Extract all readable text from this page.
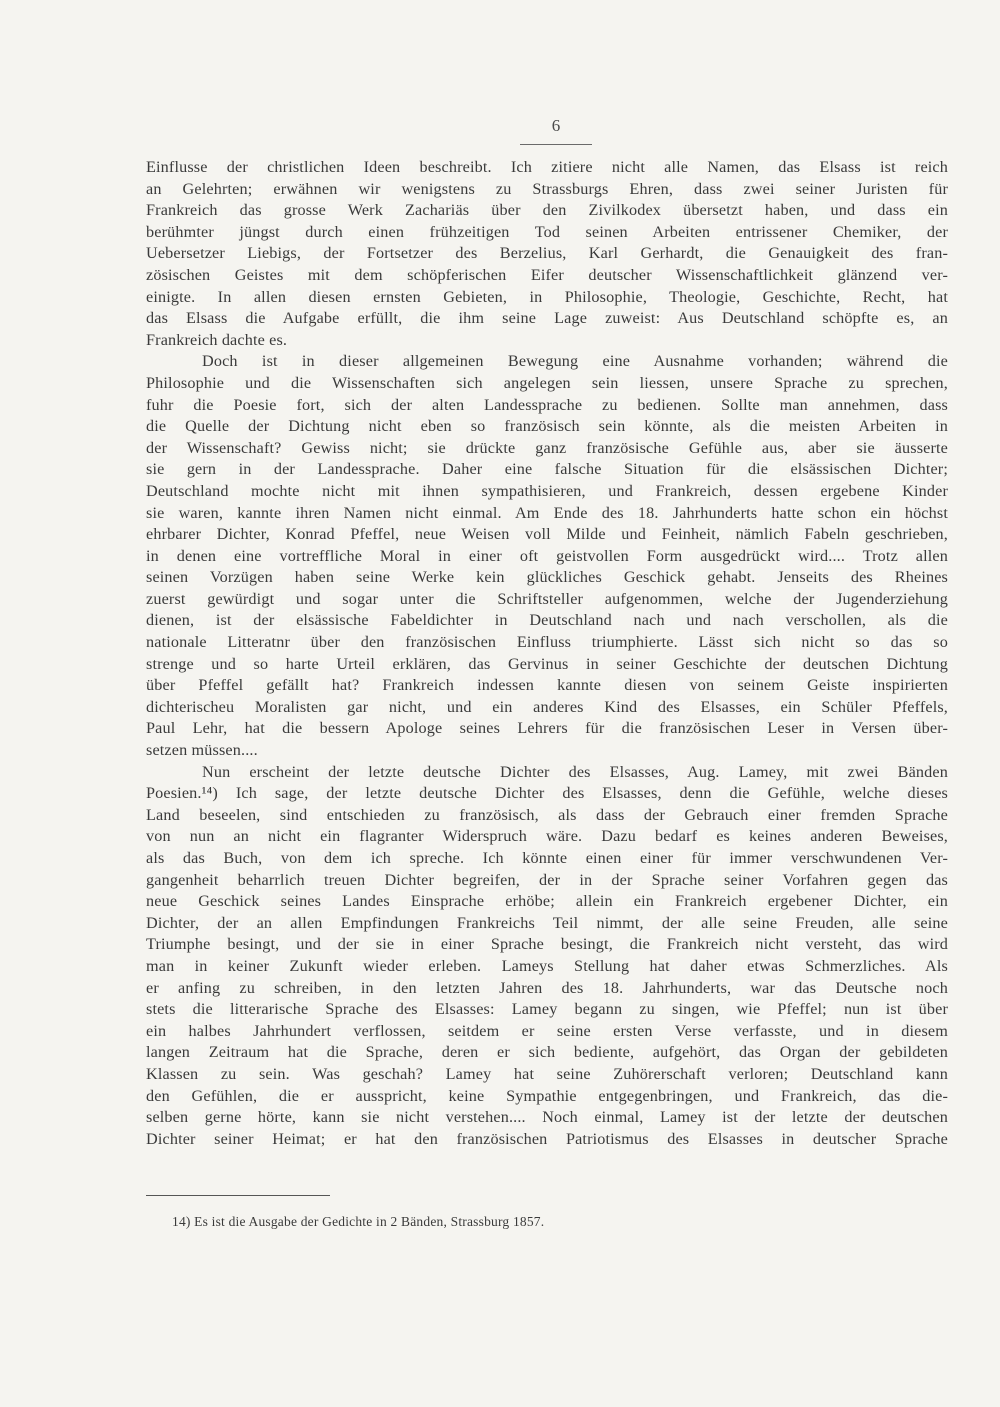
6
Einflusse der christlichen Ideen beschreibt. Ich zitiere nicht alle Namen, das Elsass ist reich
an Gelehrten; erwähnen wir wenigstens zu Strassburgs Ehren, dass zwei seiner Juristen für
Frankreich das grosse Werk Zachariäs über den Zivilkodex übersetzt haben, und dass ein
berühmter jüngst durch einen frühzeitigen Tod seinen Arbeiten entrissener Chemiker, der
Uebersetzer Liebigs, der Fortsetzer des Berzelius, Karl Gerhardt, die Genauigkeit des fran-
zösischen Geistes mit dem schöpferischen Eifer deutscher Wissenschaftlichkeit glänzend ver-
einigte. In allen diesen ernsten Gebieten, in Philosophie, Theologie, Geschichte, Recht, hat
das Elsass die Aufgabe erfüllt, die ihm seine Lage zuweist: Aus Deutschland schöpfte es, an
Frankreich dachte es.
Doch ist in dieser allgemeinen Bewegung eine Ausnahme vorhanden; während die
Philosophie und die Wissenschaften sich angelegen sein liessen, unsere Sprache zu sprechen,
fuhr die Poesie fort, sich der alten Landessprache zu bedienen. Sollte man annehmen, dass
die Quelle der Dichtung nicht eben so französisch sein könnte, als die meisten Arbeiten in
der Wissenschaft? Gewiss nicht; sie drückte ganz französische Gefühle aus, aber sie äusserte
sie gern in der Landessprache. Daher eine falsche Situation für die elsässischen Dichter;
Deutschland mochte nicht mit ihnen sympathisieren, und Frankreich, dessen ergebene Kinder
sie waren, kannte ihren Namen nicht einmal. Am Ende des 18. Jahrhunderts hatte schon ein höchst
ehrbarer Dichter, Konrad Pfeffel, neue Weisen voll Milde und Feinheit, nämlich Fabeln geschrieben,
in denen eine vortreffliche Moral in einer oft geistvollen Form ausgedrückt wird.... Trotz allen
seinen Vorzügen haben seine Werke kein glückliches Geschick gehabt. Jenseits des Rheines
zuerst gewürdigt und sogar unter die Schriftsteller aufgenommen, welche der Jugenderziehung
dienen, ist der elsässische Fabeldichter in Deutschland nach und nach verschollen, als die
nationale Litteratnr über den französischen Einfluss triumphierte. Lässt sich nicht so das so
strenge und so harte Urteil erklären, das Gervinus in seiner Geschichte der deutschen Dichtung
über Pfeffel gefällt hat? Frankreich indessen kannte diesen von seinem Geiste inspirierten
dichterischeu Moralisten gar nicht, und ein anderes Kind des Elsasses, ein Schüler Pfeffels,
Paul Lehr, hat die bessern Apologe seines Lehrers für die französischen Leser in Versen über-
setzen müssen....
Nun erscheint der letzte deutsche Dichter des Elsasses, Aug. Lamey, mit zwei Bänden
Poesien.¹⁴) Ich sage, der letzte deutsche Dichter des Elsasses, denn die Gefühle, welche dieses
Land beseelen, sind entschieden zu französisch, als dass der Gebrauch einer fremden Sprache
von nun an nicht ein flagranter Widerspruch wäre. Dazu bedarf es keines anderen Beweises,
als das Buch, von dem ich spreche. Ich könnte einen einer für immer verschwundenen Ver-
gangenheit beharrlich treuen Dichter begreifen, der in der Sprache seiner Vorfahren gegen das
neue Geschick seines Landes Einsprache erhöbe; allein ein Frankreich ergebener Dichter, ein
Dichter, der an allen Empfindungen Frankreichs Teil nimmt, der alle seine Freuden, alle seine
Triumphe besingt, und der sie in einer Sprache besingt, die Frankreich nicht versteht, das wird
man in keiner Zukunft wieder erleben. Lameys Stellung hat daher etwas Schmerzliches. Als
er anfing zu schreiben, in den letzten Jahren des 18. Jahrhunderts, war das Deutsche noch
stets die litterarische Sprache des Elsasses: Lamey begann zu singen, wie Pfeffel; nun ist über
ein halbes Jahrhundert verflossen, seitdem er seine ersten Verse verfasste, und in diesem
langen Zeitraum hat die Sprache, deren er sich bediente, aufgehört, das Organ der gebildeten
Klassen zu sein. Was geschah? Lamey hat seine Zuhörerschaft verloren; Deutschland kann
den Gefühlen, die er ausspricht, keine Sympathie entgegenbringen, und Frankreich, das die-
selben gerne hörte, kann sie nicht verstehen.... Noch einmal, Lamey ist der letzte der deutschen
Dichter seiner Heimat; er hat den französischen Patriotismus des Elsasses in deutscher Sprache
14) Es ist die Ausgabe der Gedichte in 2 Bänden, Strassburg 1857.
